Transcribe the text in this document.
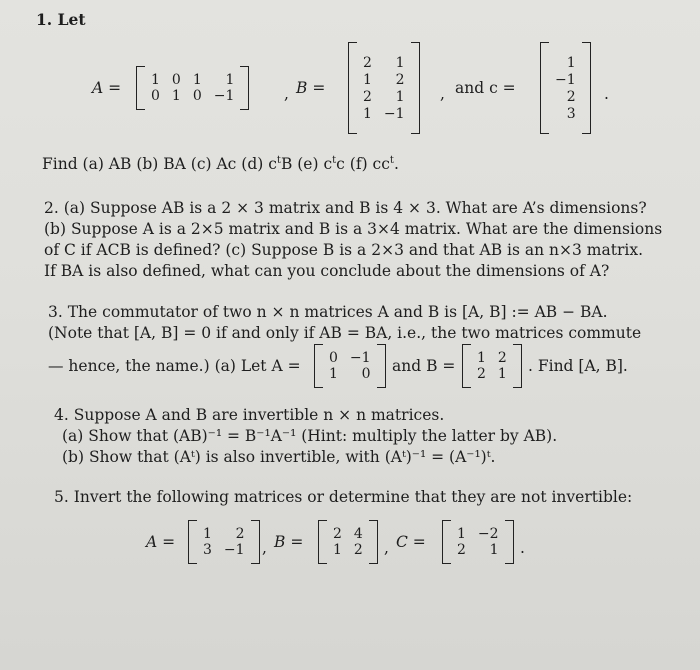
1. Let
A =	1 0 1	1
0 1 0 −1	, B =
2	1
1	2
2	1
1 −1
, and c =
1
−1
2
3
.
Find (a) AB (b) BA (c) Ac (d) $c^tB$ (e) $c^tc$ (f) $cc^t$.
2. (a) Suppose AB is a 2 × 3 matrix and B is 4 × 3. What are A’s dimensions?
(b) Suppose A is a 2×5 matrix and B is a 3×4 matrix. What are the dimensions
of C if ACB is defined? (c) Suppose B is a 2×3 and that AB is an n×3 matrix.
If BA is also defined, what can you conclude about the dimensions of A?
3. The commutator of two n × n matrices A and B is [A, B] := AB − BA.
(Note that [A, B] = 0 if and only if AB = BA, i.e., the two matrices commute
— hence, the name.) (a) Let A =	0 −1
1	0	and B =	1 2
2 1	. Find [A, B].
4. Suppose A and B are invertible n × n matrices.
(a) Show that (AB)⁻¹ = B⁻¹A⁻¹ (Hint: multiply the latter by AB).
(b) Show that (Aᵗ) is also invertible, with (Aᵗ)⁻¹ = (A⁻¹)ᵗ.
5. Invert the following matrices or determine that they are not invertible:
A =	1	2
3 −1	, B =	2 4
1 2	, C =	1 −2
2	1	.
